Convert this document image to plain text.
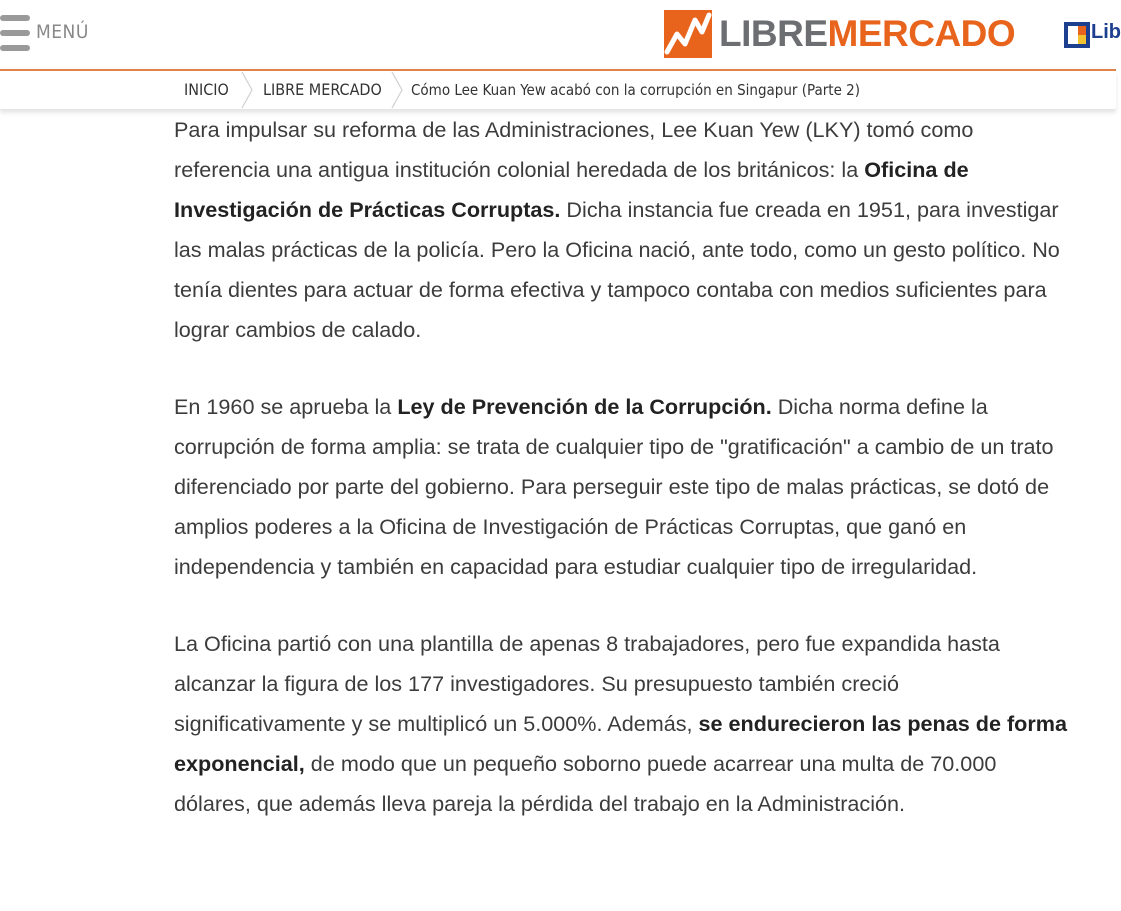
MENÚ	LIBREMERCADO	Lib
INICIO LIBRE MERCADO Cómo Lee Kuan Yew acabó con la corrupción en Singapur (Parte 2)

Para impulsar su reforma de las Administraciones, Lee Kuan Yew (LKY) tomó como referencia una antigua institución colonial heredada de los británicos: la Oficina de Investigación de Prácticas Corruptas. Dicha instancia fue creada en 1951, para investigar las malas prácticas de la policía. Pero la Oficina nació, ante todo, como un gesto político. No tenía dientes para actuar de forma efectiva y tampoco contaba con medios suficientes para lograr cambios de calado.

En 1960 se aprueba la Ley de Prevención de la Corrupción. Dicha norma define la corrupción de forma amplia: se trata de cualquier tipo de "gratificación" a cambio de un trato diferenciado por parte del gobierno. Para perseguir este tipo de malas prácticas, se dotó de amplios poderes a la Oficina de Investigación de Prácticas Corruptas, que ganó en independencia y también en capacidad para estudiar cualquier tipo de irregularidad.

La Oficina partió con una plantilla de apenas 8 trabajadores, pero fue expandida hasta alcanzar la figura de los 177 investigadores. Su presupuesto también creció significativamente y se multiplicó un 5.000%. Además, se endurecieron las penas de forma exponencial, de modo que un pequeño soborno puede acarrear una multa de 70.000 dólares, que además lleva pareja la pérdida del trabajo en la Administración.
